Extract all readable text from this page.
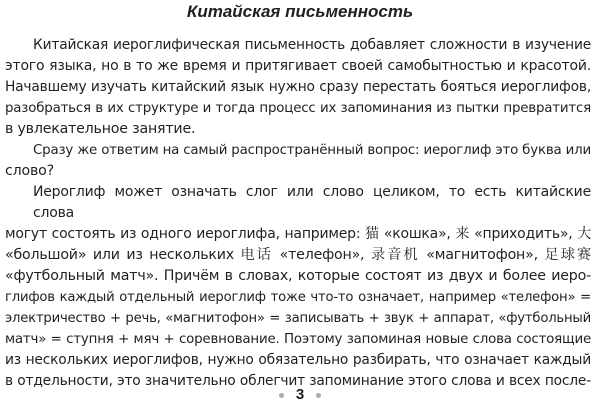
Китайская письменность
Китайская иероглифическая письменность добавляет сложности в изучение
этого языка, но в то же время и притягивает своей самобытностью и красотой.
Начавшему изучать китайский язык нужно сразу перестать бояться иероглифов,
разобраться в их структуре и тогда процесс их запоминания из пытки превратится
в увлекательное занятие.
Сразу же ответим на самый распространённый вопрос: иероглиф это буква или
слово?
Иероглиф может означать слог или слово целиком, то есть китайские слова
могут состоять из одного иероглифа, например: 猫 «кошка», 来 «приходить», 大
«большой» или из нескольких 电话 «телефон», 录音机 «магнитофон», 足球赛
«футбольный матч». Причём в словах, которые состоят из двух и более иеро-
глифов каждый отдельный иероглиф тоже что-то означает, например «телефон» =
электричество + речь, «магнитофон» = записывать + звук + аппарат, «футбольный
матч» = ступня + мяч + соревнование. Поэтому запоминая новые слова состоящие
из нескольких иероглифов, нужно обязательно разбирать, что означает каждый
в отдельности, это значительно облегчит запоминание этого слова и всех после-
3
